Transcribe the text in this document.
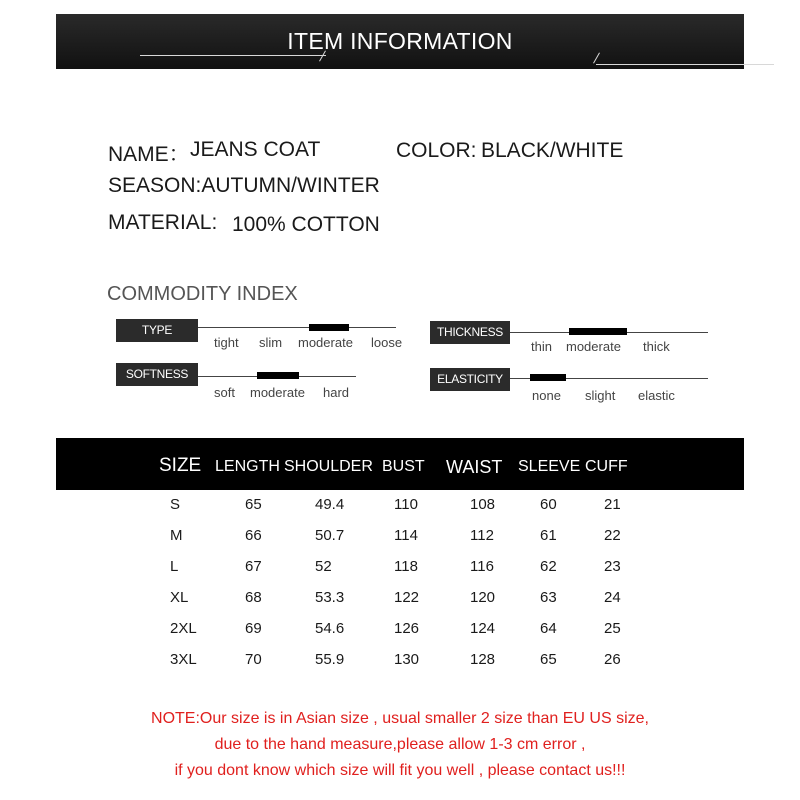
ITEM INFORMATION
NAME： JEANS COAT	COLOR: BLACK/WHITE
SEASON:AUTUMN/WINTER
MATERIAL: 100% COTTON
COMMODITY INDEX
TYPE VERSIOIN
tight slim moderate loose
SOFTNESS
soft moderate hard
THICKNESS
thin moderate thick
ELASTICITY
none slight elastic
SIZE LENGTH SHOULDER BUST WAIST SLEEVE CUFF
S	65	49.4	110	108	60	21
M	66	50.7	114	112	61	22
L	67	52	118	116	62	23
XL	68	53.3	122	120	63	24
2XL	69	54.6	126	124	64	25
3XL	70	55.9	130	128	65	26
NOTE:Our size is in Asian size , usual smaller 2 size than EU US size,
due to the hand measure,please allow 1-3 cm error ,
if you dont know which size will fit you well , please contact us!!!
